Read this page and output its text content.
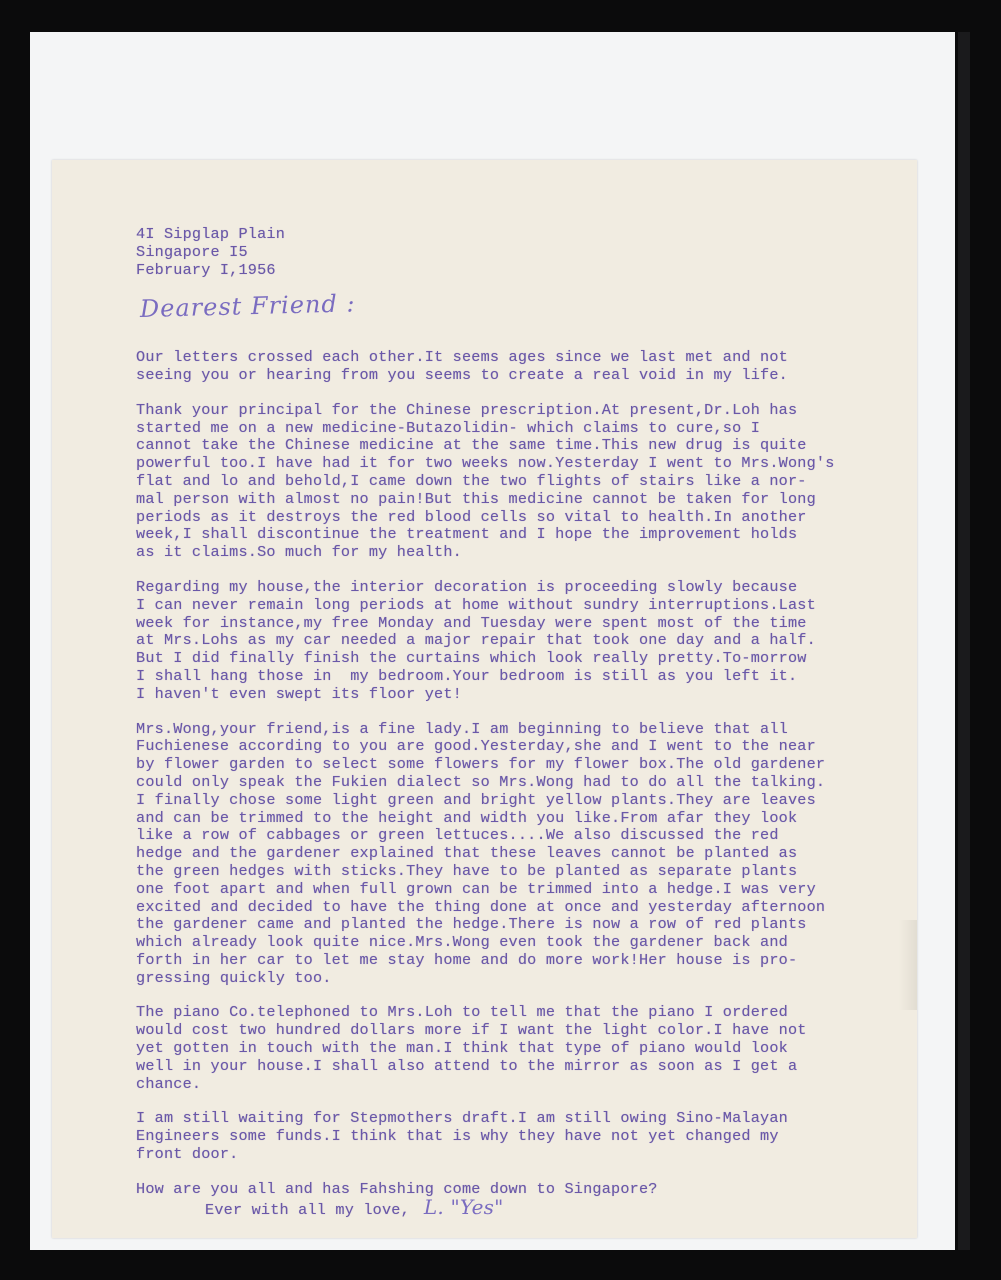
4I Sipglap Plain
Singapore I5
February I,1956
Dearest Friend :
Our letters crossed each other.It seems ages since we last met and not
seeing you or hearing from you seems to create a real void in my life.
Thank your principal for the Chinese prescription.At present,Dr.Loh has
started me on a new medicine-Butazolidin- which claims to cure,so I
cannot take the Chinese medicine at the same time.This new drug is quite
powerful too.I have had it for two weeks now.Yesterday I went to Mrs.Wong's
flat and lo and behold,I came down the two flights of stairs like a nor-
mal person with almost no pain!But this medicine cannot be taken for long
periods as it destroys the red blood cells so vital to health.In another
week,I shall discontinue the treatment and I hope the improvement holds
as it claims.So much for my health.
Regarding my house,the interior decoration is proceeding slowly because
I can never remain long periods at home without sundry interruptions.Last
week for instance,my free Monday and Tuesday were spent most of the time
at Mrs.Lohs as my car needed a major repair that took one day and a half.
But I did finally finish the curtains which look really pretty.To-morrow
I shall hang those in  my bedroom.Your bedroom is still as you left it.
I haven't even swept its floor yet!
Mrs.Wong,your friend,is a fine lady.I am beginning to believe that all
Fuchienese according to you are good.Yesterday,she and I went to the near
by flower garden to select some flowers for my flower box.The old gardener
could only speak the Fukien dialect so Mrs.Wong had to do all the talking.
I finally chose some light green and bright yellow plants.They are leaves
and can be trimmed to the height and width you like.From afar they look
like a row of cabbages or green lettuces....We also discussed the red
hedge and the gardener explained that these leaves cannot be planted as
the green hedges with sticks.They have to be planted as separate plants
one foot apart and when full grown can be trimmed into a hedge.I was very
excited and decided to have the thing done at once and yesterday afternoon
the gardener came and planted the hedge.There is now a row of red plants
which already look quite nice.Mrs.Wong even took the gardener back and
forth in her car to let me stay home and do more work!Her house is pro-
gressing quickly too.
The piano Co.telephoned to Mrs.Loh to tell me that the piano I ordered
would cost two hundred dollars more if I want the light color.I have not
yet gotten in touch with the man.I think that type of piano would look
well in your house.I shall also attend to the mirror as soon as I get a
chance.
I am still waiting for Stepmothers draft.I am still owing Sino-Malayan
Engineers some funds.I think that is why they have not yet changed my
front door.
How are you all and has Fahshing come down to Singapore?
Ever with all my love, L. "Yes"
